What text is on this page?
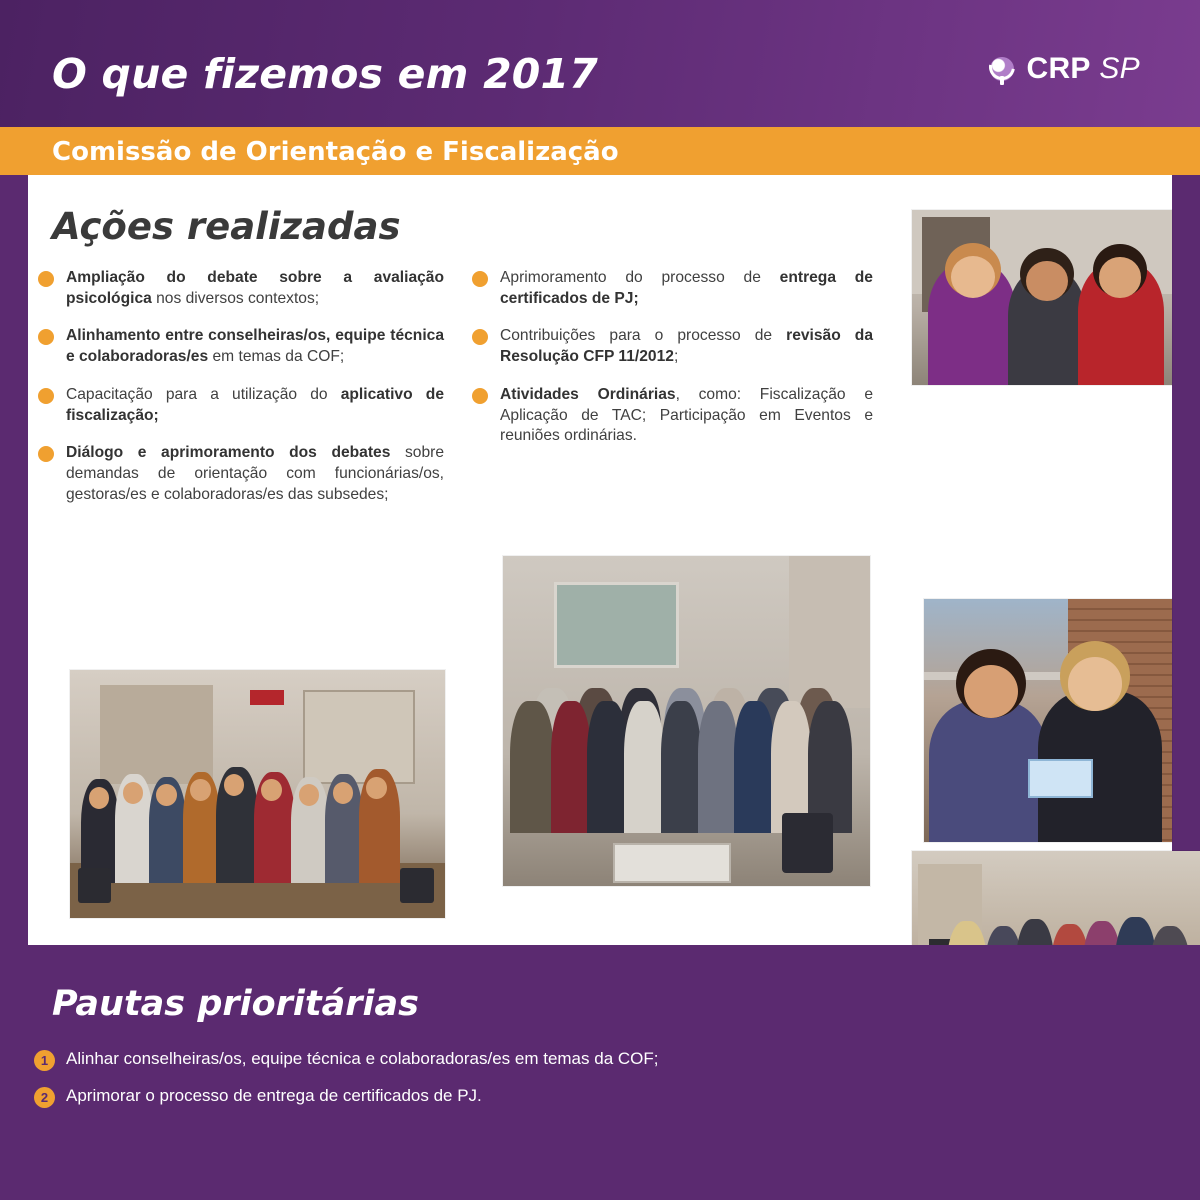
O que fizemos em 2017	CRP SP
Comissão de Orientação e Fiscalização
Ações realizadas
Ampliação do debate sobre a avaliação psicológica nos diversos contextos;
Alinhamento entre conselheiras/os, equipe técnica e colaboradoras/es em temas da COF;
Capacitação para a utilização do aplicativo de fiscalização;
Diálogo e aprimoramento dos debates sobre demandas de orientação com funcionárias/os, gestoras/es e colaboradoras/es das subsedes;
Aprimoramento do processo de entrega de certificados de PJ;
Contribuições para o processo de revisão da Resolução CFP 11/2012;
Atividades Ordinárias, como: Fiscalização e Aplicação de TAC; Participação em Eventos e reuniões ordinárias.
Pautas prioritárias
1	Alinhar conselheiras/os, equipe técnica e colaboradoras/es em temas da COF;
2	Aprimorar o processo de entrega de certificados de PJ.
